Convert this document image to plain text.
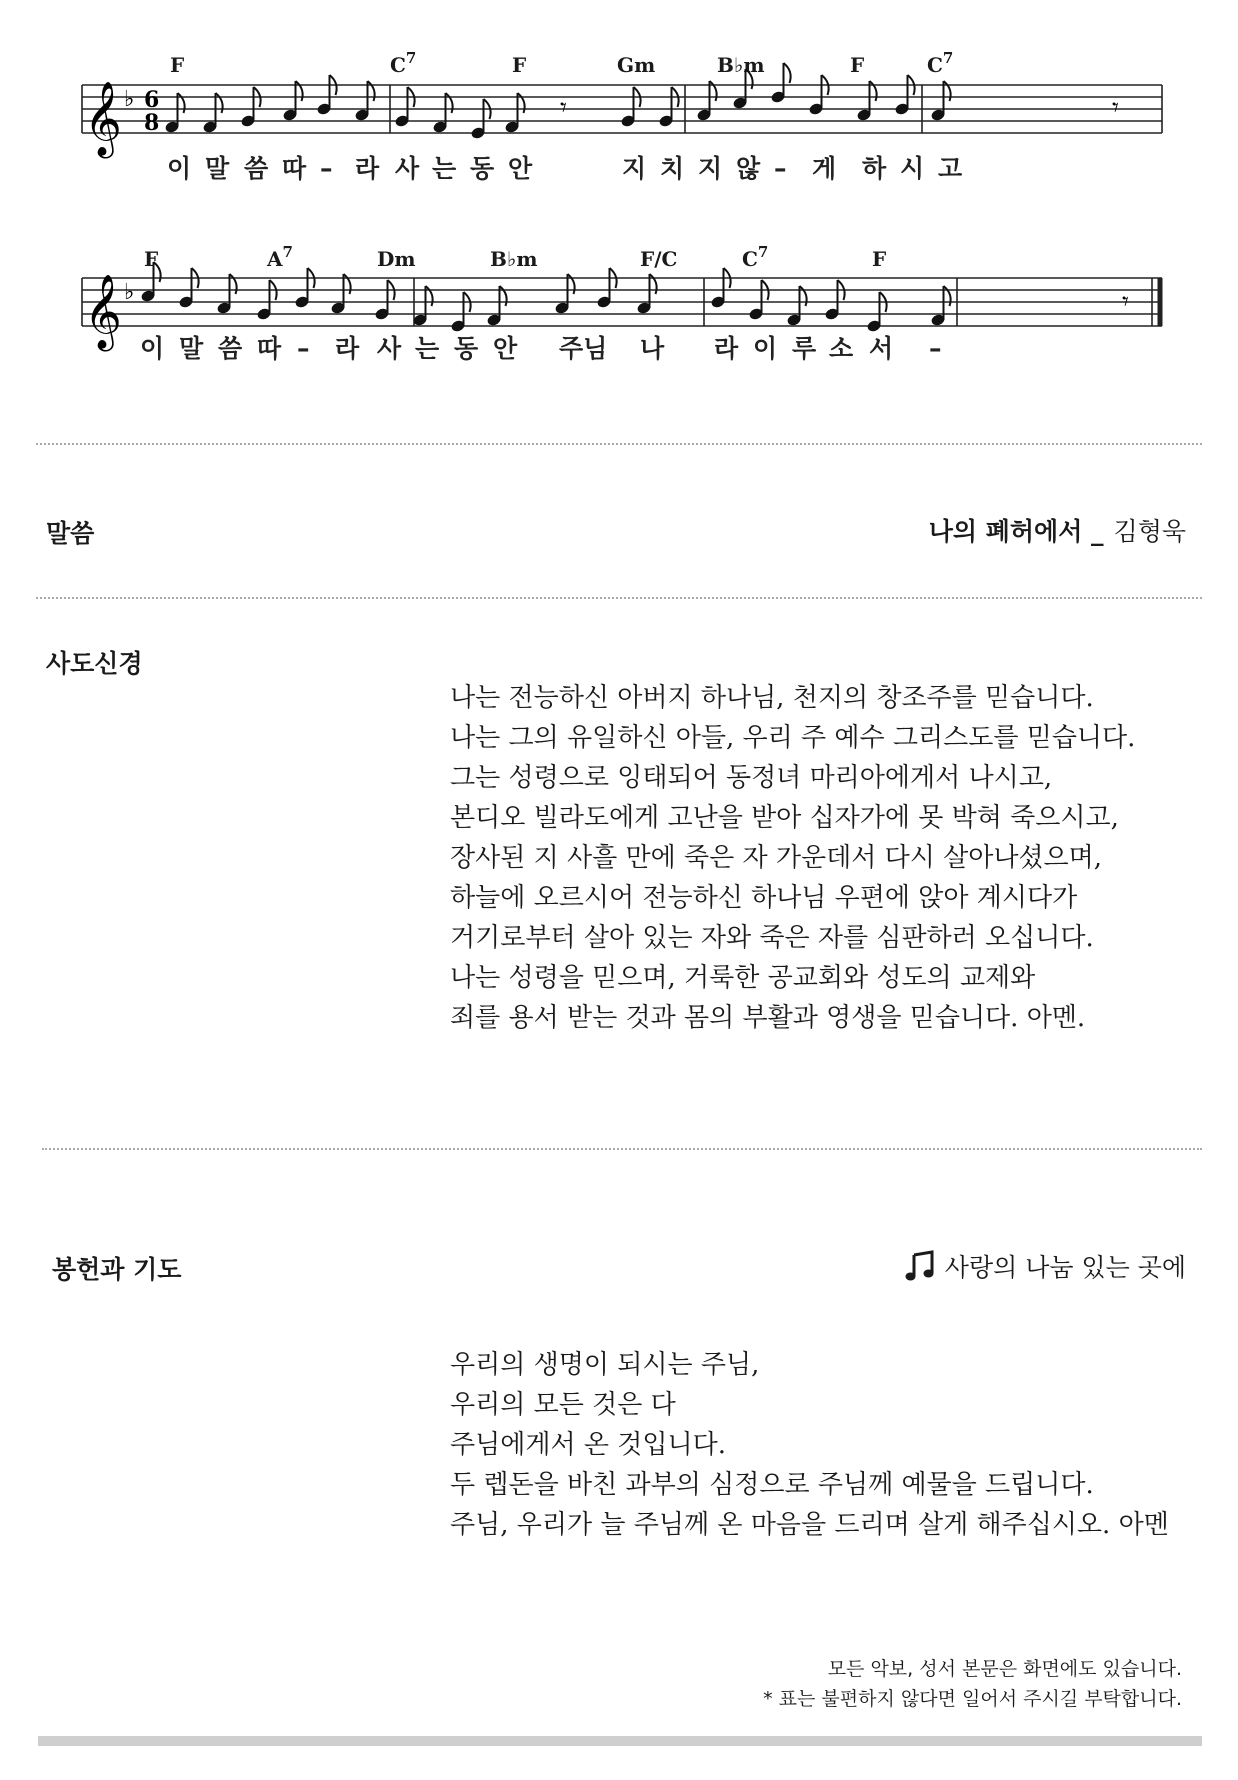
𝄞 ♭ 6
8
F	$C^7$	F	Gm	B♭m	F	$C^7$
𝄾	𝄾
이 말 씀 따 – 라 사 는 동 안	지 치 지 않 – 게 하 시 고
𝄞 ♭
F	$A^7$	Dm	B♭m	F/C	$C^7$	F
𝄾
이 말 씀 따 – 라 사 는 동 안 주님 나 라 이 루 소 서 –
말씀	나의 폐허에서 _ 김형욱
사도신경
나는 전능하신 아버지 하나님, 천지의 창조주를 믿습니다.
나는 그의 유일하신 아들, 우리 주 예수 그리스도를 믿습니다.
그는 성령으로 잉태되어 동정녀 마리아에게서 나시고,
본디오 빌라도에게 고난을 받아 십자가에 못 박혀 죽으시고,
장사된 지 사흘 만에 죽은 자 가운데서 다시 살아나셨으며,
하늘에 오르시어 전능하신 하나님 우편에 앉아 계시다가
거기로부터 살아 있는 자와 죽은 자를 심판하러 오십니다.
나는 성령을 믿으며, 거룩한 공교회와 성도의 교제와
죄를 용서 받는 것과 몸의 부활과 영생을 믿습니다. 아멘.
봉헌과 기도	사랑의 나눔 있는 곳에
우리의 생명이 되시는 주님,
우리의 모든 것은 다
주님에게서 온 것입니다.
두 렙돈을 바친 과부의 심정으로 주님께 예물을 드립니다.
주님, 우리가 늘 주님께 온 마음을 드리며 살게 해주십시오. 아멘
모든 악보, 성서 본문은 화면에도 있습니다.
* 표는 불편하지 않다면 일어서 주시길 부탁합니다.
